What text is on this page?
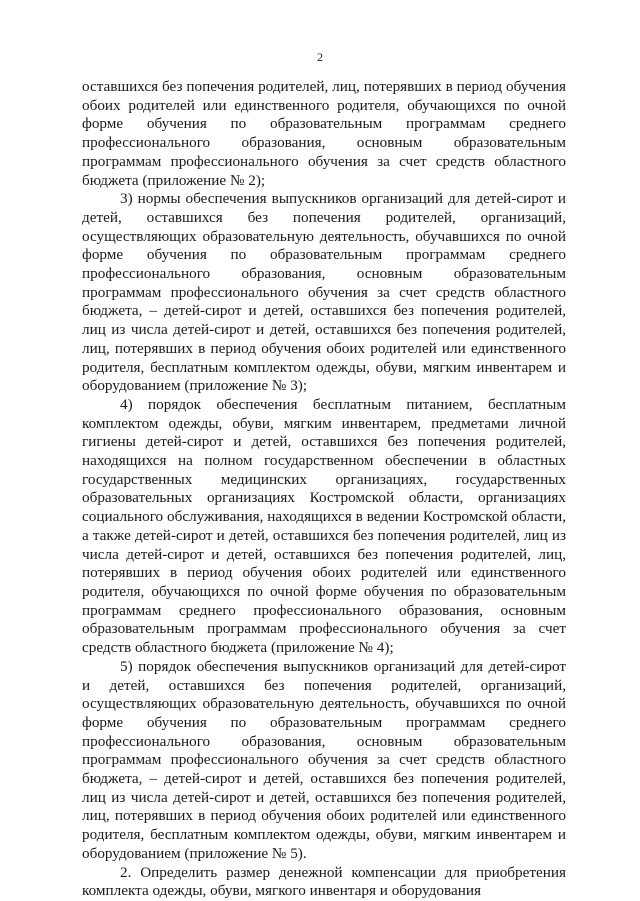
2

оставшихся без попечения родителей, лиц, потерявших в период обучения обоих родителей или единственного родителя, обучающихся по очной форме обучения по образовательным программам среднего профессионального образования, основным образовательным программам профессионального обучения за счет средств областного бюджета (приложение № 2);

3) нормы обеспечения выпускников организаций для детей-сирот и детей, оставшихся без попечения родителей, организаций, осуществляющих образовательную деятельность, обучавшихся по очной форме обучения по образовательным программам среднего профессионального образования, основным образовательным программам профессионального обучения за счет средств областного бюджета, – детей-сирот и детей, оставшихся без попечения родителей, лиц из числа детей-сирот и детей, оставшихся без попечения родителей, лиц, потерявших в период обучения обоих родителей или единственного родителя, бесплатным комплектом одежды, обуви, мягким инвентарем и оборудованием (приложение № 3);

4) порядок обеспечения бесплатным питанием, бесплатным комплектом одежды, обуви, мягким инвентарем, предметами личной гигиены детей-сирот и детей, оставшихся без попечения родителей, находящихся на полном государственном обеспечении в областных государственных медицинских организациях, государственных образовательных организациях Костромской области, организациях социального обслуживания, находящихся в ведении Костромской области, а также детей-сирот и детей, оставшихся без попечения родителей, лиц из числа детей-сирот и детей, оставшихся без попечения родителей, лиц, потерявших в период обучения обоих родителей или единственного родителя, обучающихся по очной форме обучения по образовательным программам среднего профессионального образования, основным образовательным программам профессионального обучения за счет средств областного бюджета (приложение № 4);

5) порядок обеспечения выпускников организаций для детей-сирот и детей, оставшихся без попечения родителей, организаций, осуществляющих образовательную деятельность, обучавшихся по очной форме обучения по образовательным программам среднего профессионального образования, основным образовательным программам профессионального обучения за счет средств областного бюджета, – детей-сирот и детей, оставшихся без попечения родителей, лиц из числа детей-сирот и детей, оставшихся без попечения родителей, лиц, потерявших в период обучения обоих родителей или единственного родителя, бесплатным комплектом одежды, обуви, мягким инвентарем и оборудованием (приложение № 5).

2. Определить размер денежной компенсации для приобретения комплекта одежды, обуви, мягкого инвентаря и оборудования
